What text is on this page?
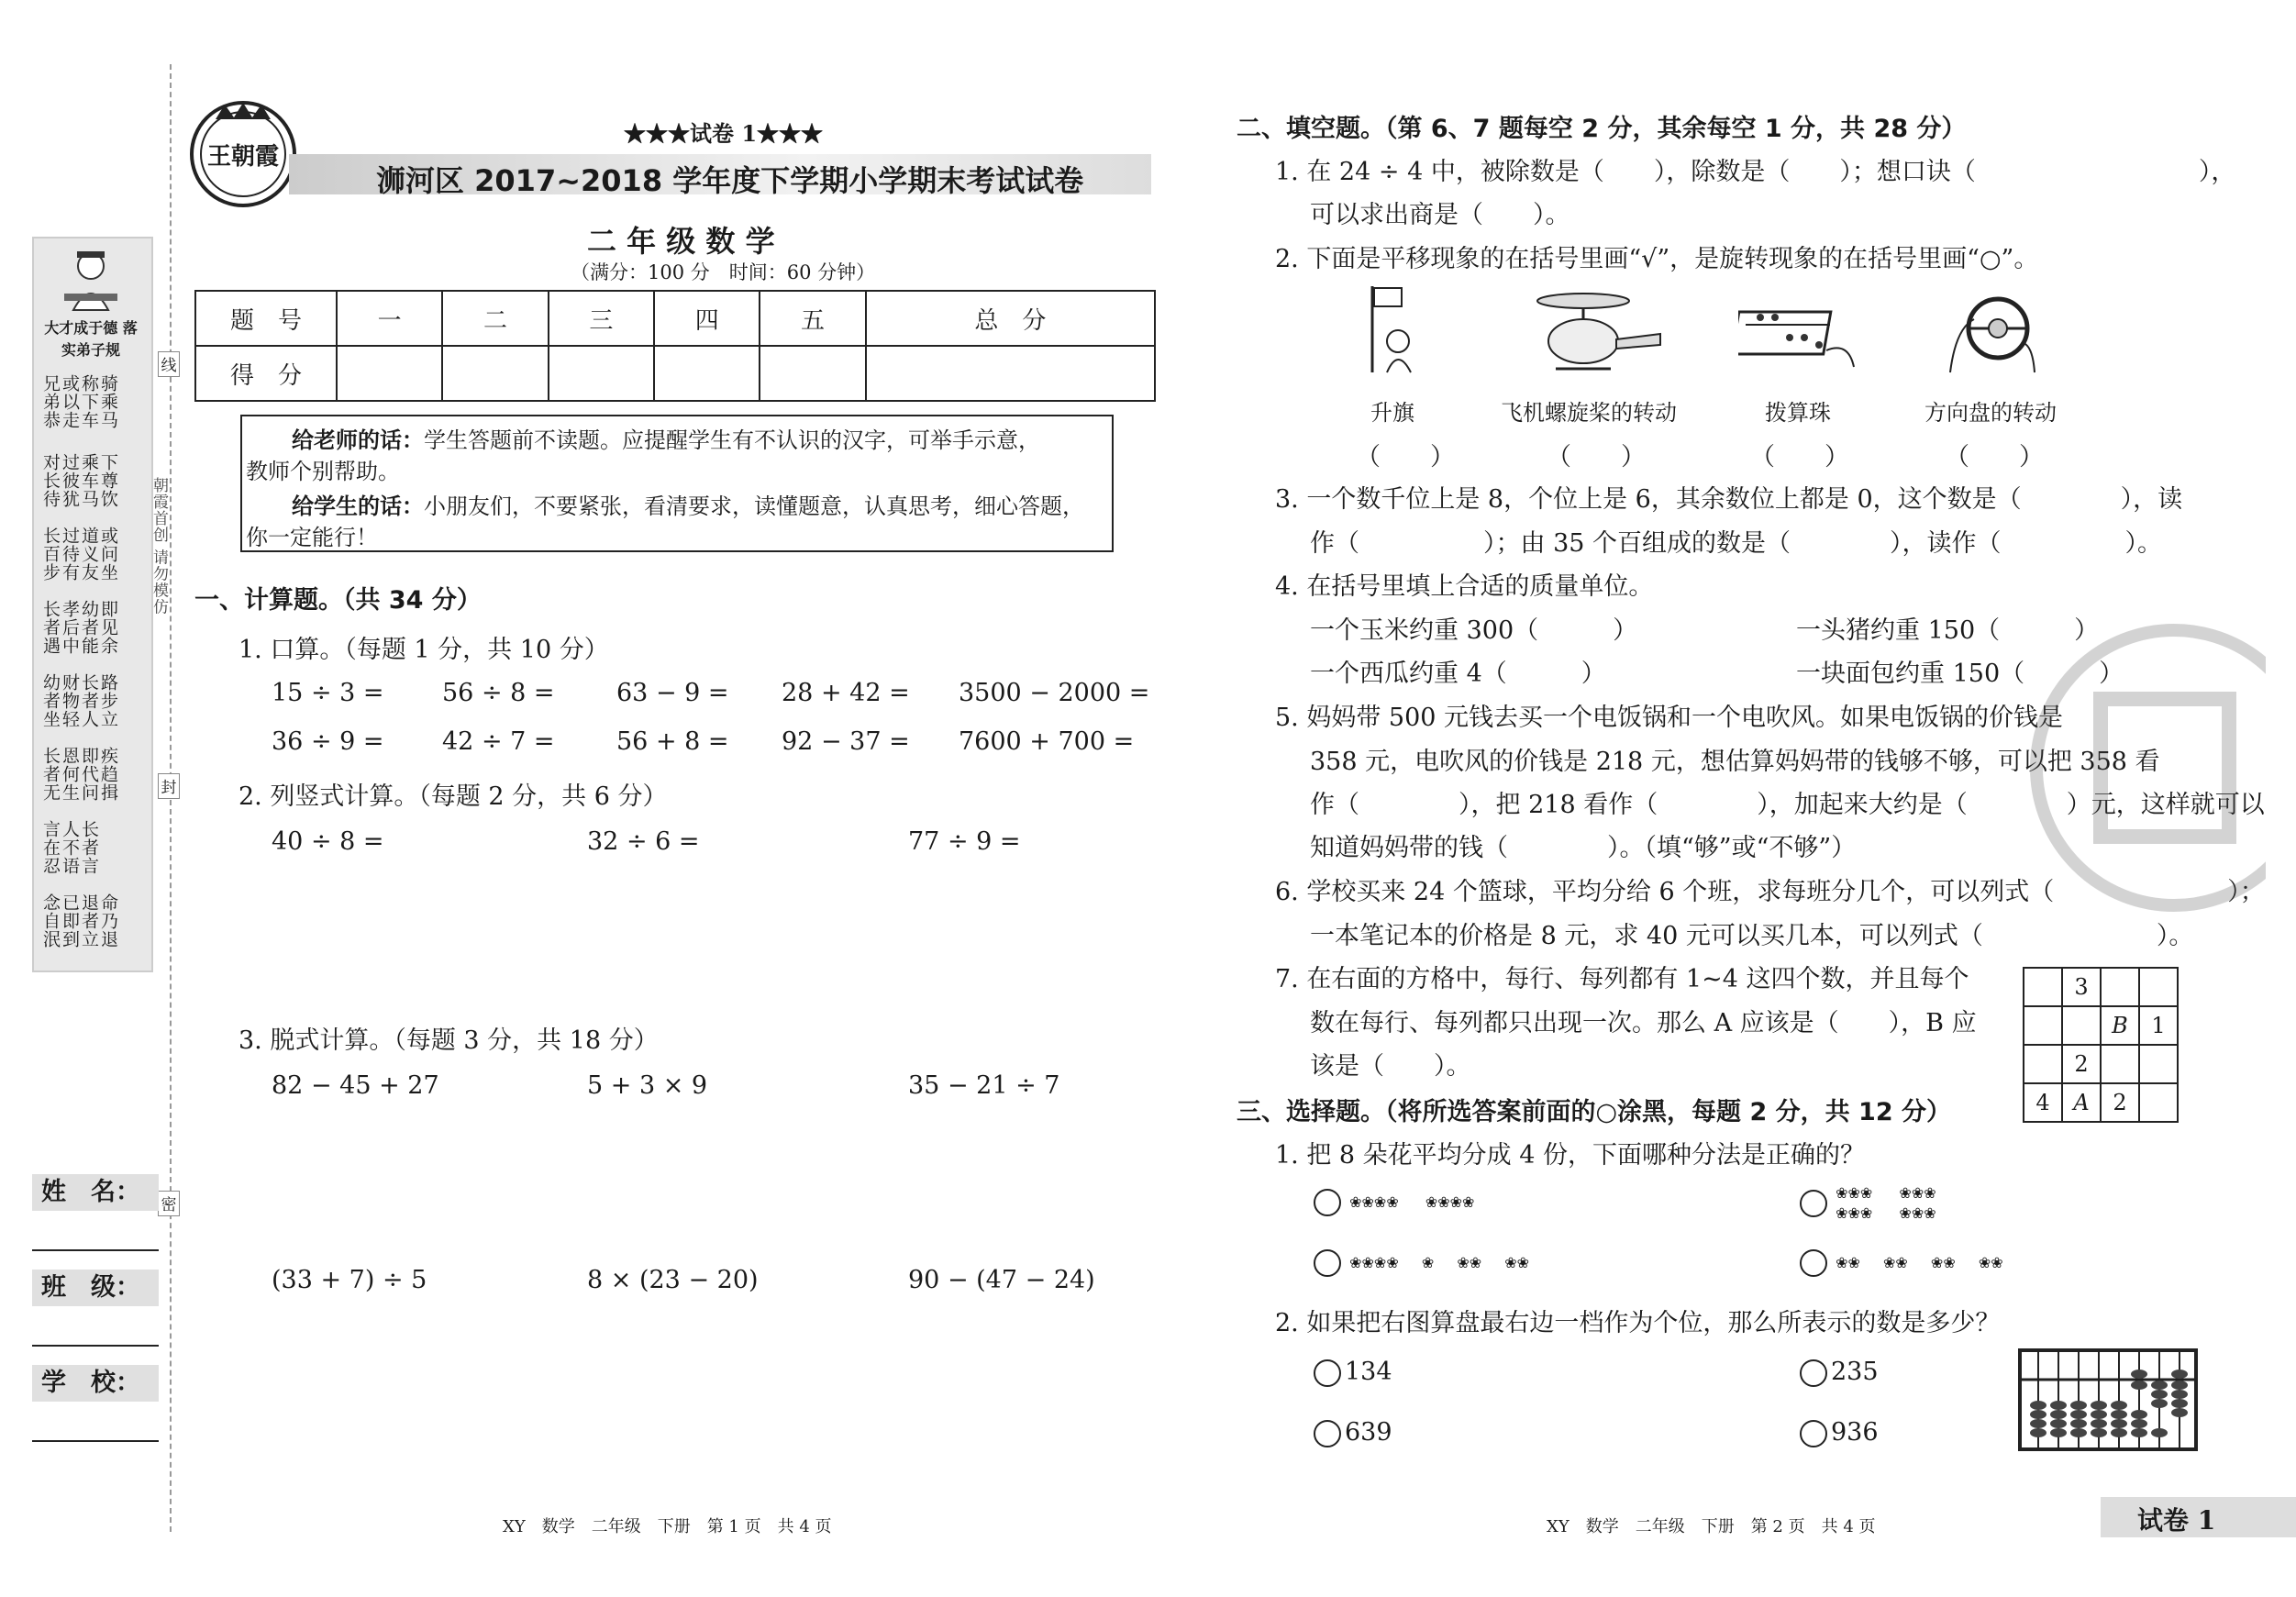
大才成于德 落实弟子规
骑乘马 称下车 或以走 兄弟恭
下尊饮 乘车马 过彼犹 对长待
或问坐 道义友 过待有 长百步
即见余 幼者能 孝后中 长者遇
路步立 长者人 财物轻 幼者坐
疾趋揖 即代问 恩何生 长者无
长者言 人不语 言在忍
命乃退 退者立 已即到 念自泯
朝霞首创 请勿模仿
线
封
密
姓　名：
班　级：
学　校：
王朝霞
★★★试卷 1★★★
浉河区 2017~2018 学年度下学期小学期末考试试卷
二 年 级 数 学
（满分：100 分　时间：60 分钟）
题　号	一	二	三	四	五	总　分
得　分						
给老师的话：学生答题前不读题。应提醒学生有不认识的汉字，可举手示意，
教师个别帮助。
给学生的话：小朋友们，不要紧张，看清要求，读懂题意，认真思考，细心答题，
你一定能行！
一、计算题。（共 34 分）
1. 口算。（每题 1 分，共 10 分）
15 ÷ 3 = 56 ÷ 8 = 63 − 9 = 28 + 42 = 3500 − 2000 =
36 ÷ 9 = 42 ÷ 7 = 56 + 8 = 92 − 37 = 7600 + 700 =
2. 列竖式计算。（每题 2 分，共 6 分）
40 ÷ 8 =	32 ÷ 6 =	77 ÷ 9 =
3. 脱式计算。（每题 3 分，共 18 分）
82 − 45 + 27	5 + 3 × 9	35 − 21 ÷ 7
(33 + 7) ÷ 5	8 × (23 − 20)	90 − (47 − 24)
XY　数学　二年级　下册　第 1 页　共 4 页
二、填空题。（第 6、7 题每空 2 分，其余每空 1 分，共 28 分）
1. 在 24 ÷ 4 中，被除数是（　　），除数是（　　）；想口诀（　　　　　　　　　），
可以求出商是（　　）。
2. 下面是平移现象的在括号里画“√”，是旋转现象的在括号里画“○”。
升旗	飞机螺旋桨的转动	拨算珠	方向盘的转动
（　　）	（　　）	（　　）	（　　）
3. 一个数千位上是 8，个位上是 6，其余数位上都是 0，这个数是（　　　　），读
作（　　　　　）；由 35 个百组成的数是（　　　　），读作（　　　　　）。
4. 在括号里填上合适的质量单位。
一个玉米约重 300（　　　）	一头猪约重 150（　　　）
一个西瓜约重 4（　　　）	一块面包约重 150（　　　）
5. 妈妈带 500 元钱去买一个电饭锅和一个电吹风。如果电饭锅的价钱是
358 元，电吹风的价钱是 218 元，想估算妈妈带的钱够不够，可以把 358 看
作（　　　　），把 218 看作（　　　　），加起来大约是（　　　　）元，这样就可以
知道妈妈带的钱（　　　　）。（填“够”或“不够”）
6. 学校买来 24 个篮球，平均分给 6 个班，求每班分几个，可以列式（　　　　　　　）；
一本笔记本的价格是 8 元，求 40 元可以买几本，可以列式（　　　　　　　）。
7. 在右面的方格中，每行、每列都有 1~4 这四个数，并且每个
数在每行、每列都只出现一次。那么 A 应该是（　　），B 应
该是（　　）。
	3		
		B	1
	2		
4	A	2	
三、选择题。（将所选答案前面的○涂黑，每题 2 分，共 12 分）
1. 把 8 朵花平均分成 4 份，下面哪种分法是正确的？
❀❀❀❀ ❀❀❀❀	❀❀❀
❀❀❀ ❀❀❀
❀❀❀
❀❀❀❀ ❀ ❀❀ ❀❀	❀❀ ❀❀ ❀❀ ❀❀
2. 如果把右图算盘最右边一档作为个位，那么所表示的数是多少？
134	235
639	936
XY　数学　二年级　下册　第 2 页　共 4 页	试卷 1
